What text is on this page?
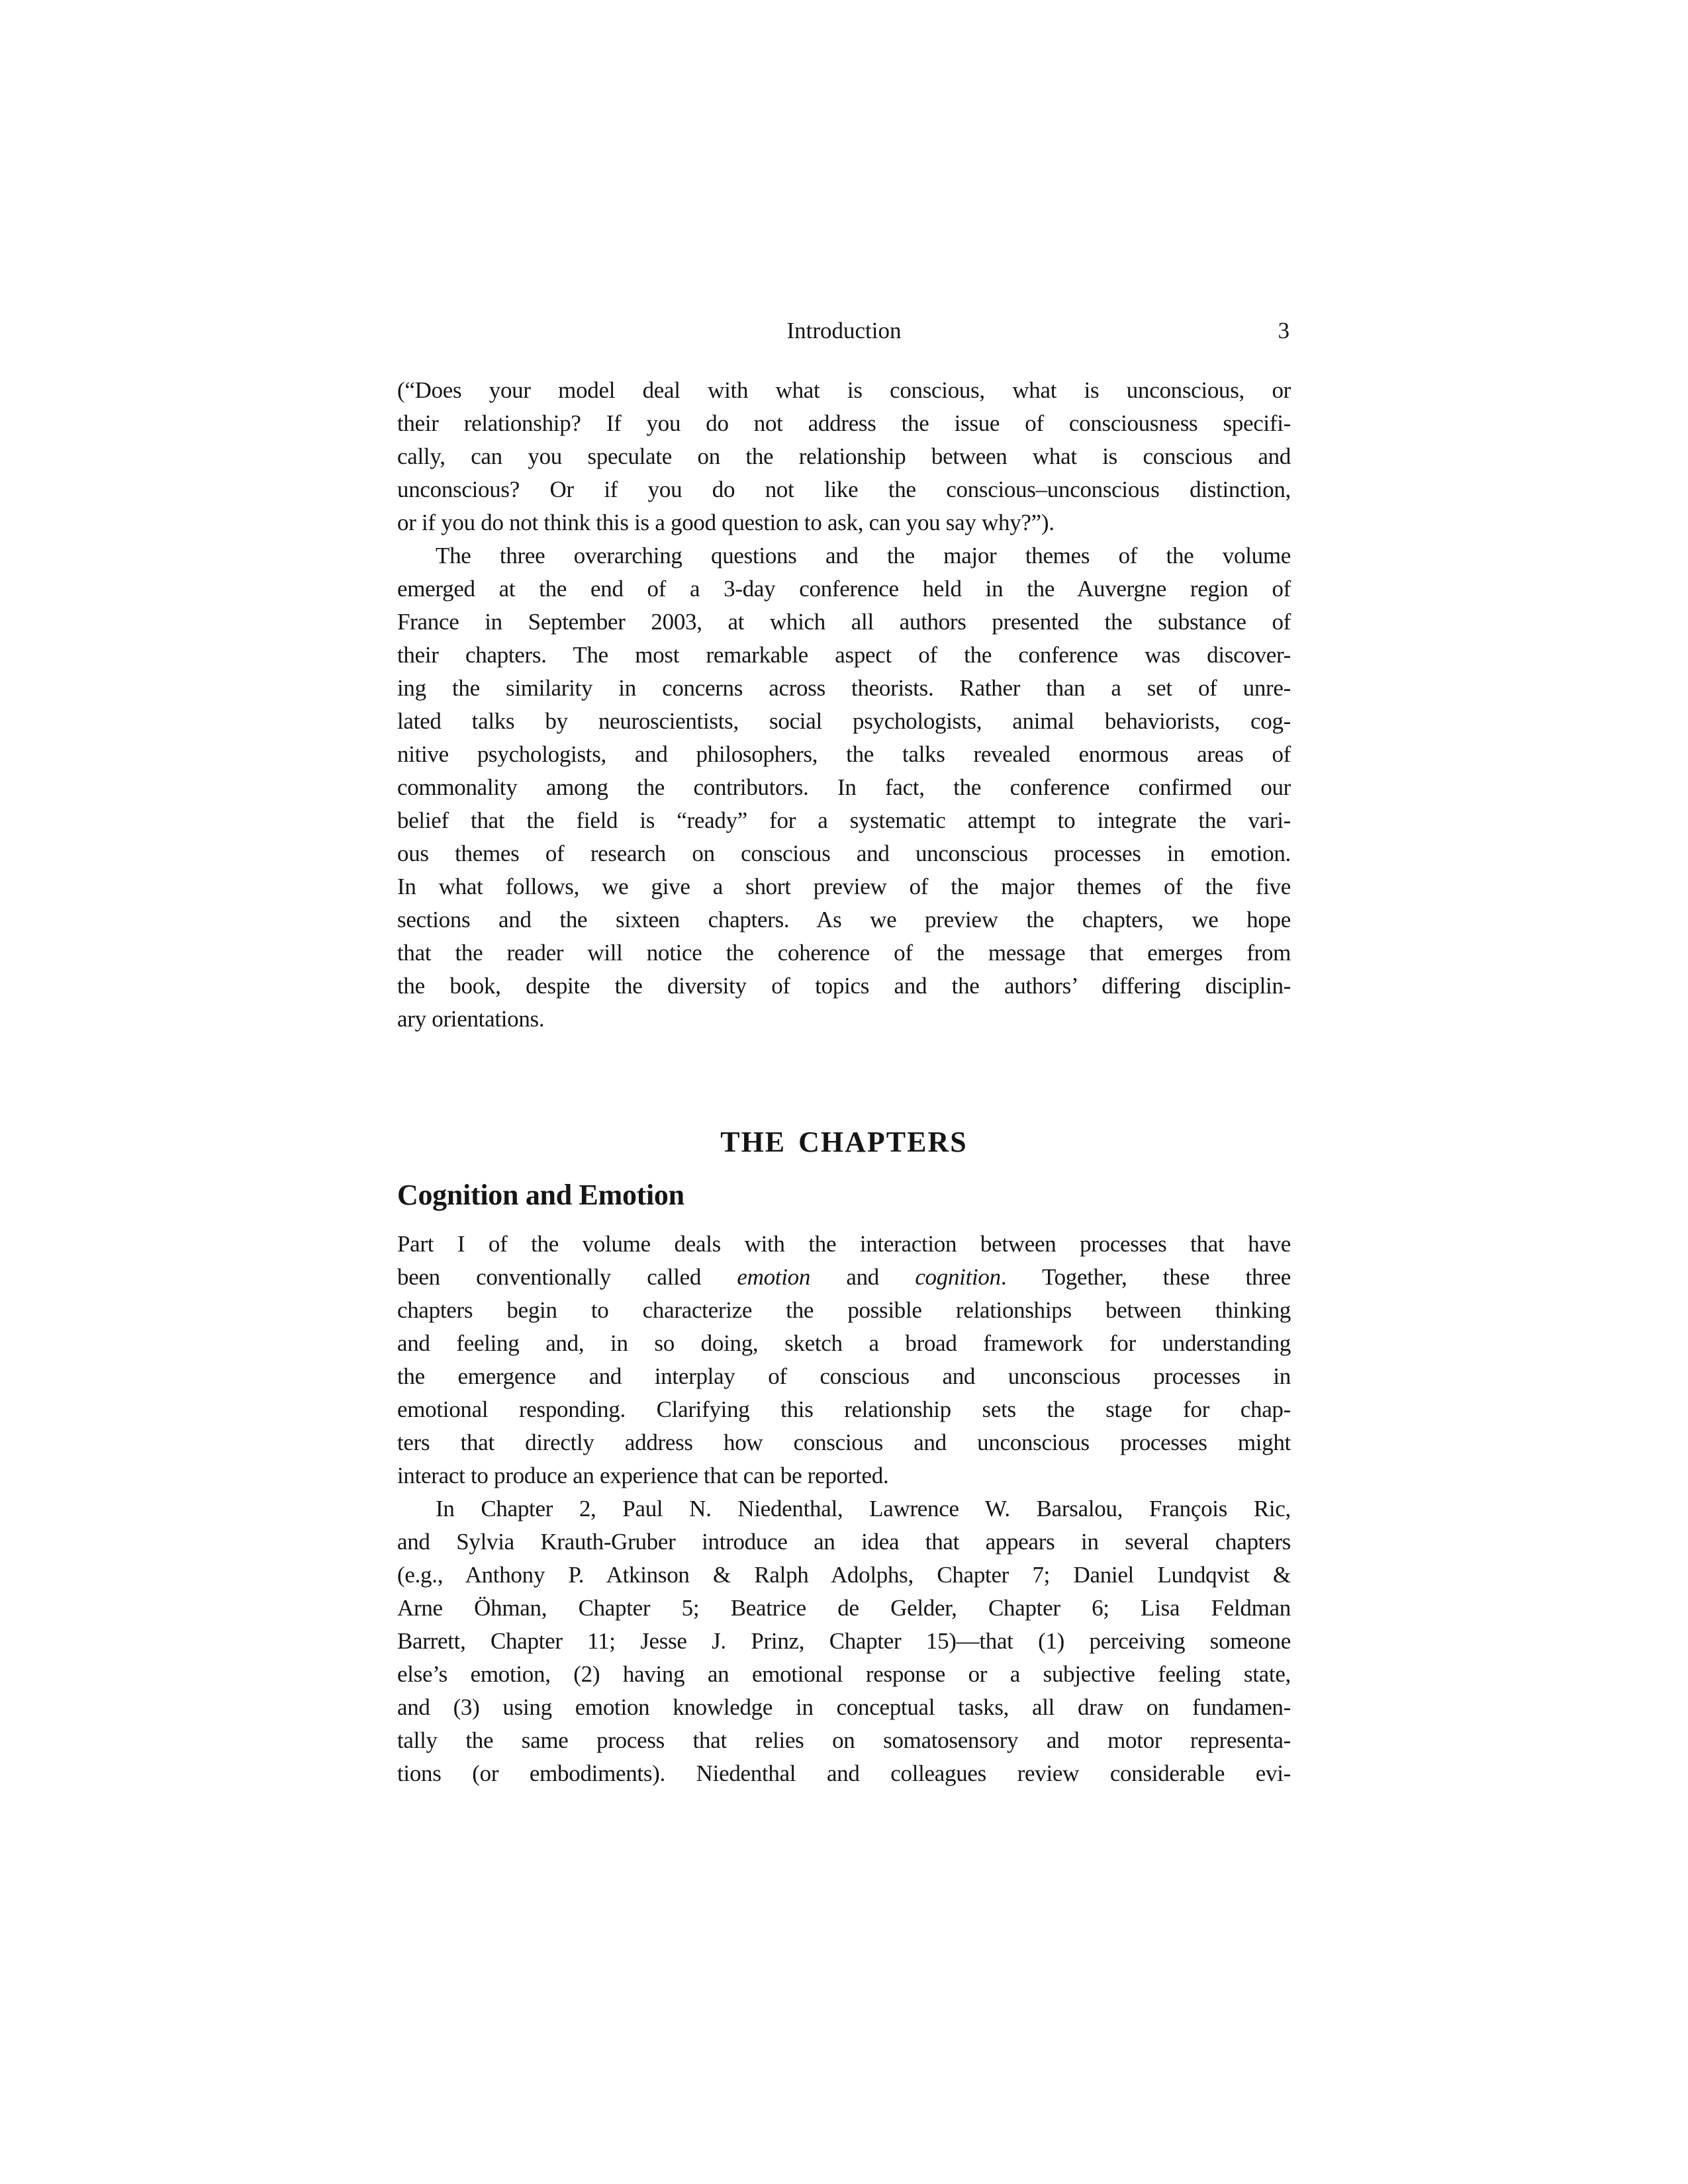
Introduction	3
(“Does your model deal with what is conscious, what is unconscious, or
their relationship? If you do not address the issue of consciousness specifi-
cally, can you speculate on the relationship between what is conscious and
unconscious? Or if you do not like the conscious–unconscious distinction,
or if you do not think this is a good question to ask, can you say why?”).
The three overarching questions and the major themes of the volume
emerged at the end of a 3-day conference held in the Auvergne region of
France in September 2003, at which all authors presented the substance of
their chapters. The most remarkable aspect of the conference was discover-
ing the similarity in concerns across theorists. Rather than a set of unre-
lated talks by neuroscientists, social psychologists, animal behaviorists, cog-
nitive psychologists, and philosophers, the talks revealed enormous areas of
commonality among the contributors. In fact, the conference confirmed our
belief that the field is “ready” for a systematic attempt to integrate the vari-
ous themes of research on conscious and unconscious processes in emotion.
In what follows, we give a short preview of the major themes of the five
sections and the sixteen chapters. As we preview the chapters, we hope
that the reader will notice the coherence of the message that emerges from
the book, despite the diversity of topics and the authors’ differing disciplin-
ary orientations.
THE CHAPTERS
Cognition and Emotion
Part I of the volume deals with the interaction between processes that have
been conventionally called emotion and cognition. Together, these three
chapters begin to characterize the possible relationships between thinking
and feeling and, in so doing, sketch a broad framework for understanding
the emergence and interplay of conscious and unconscious processes in
emotional responding. Clarifying this relationship sets the stage for chap-
ters that directly address how conscious and unconscious processes might
interact to produce an experience that can be reported.
In Chapter 2, Paul N. Niedenthal, Lawrence W. Barsalou, François Ric,
and Sylvia Krauth-Gruber introduce an idea that appears in several chapters
(e.g., Anthony P. Atkinson & Ralph Adolphs, Chapter 7; Daniel Lundqvist &
Arne Öhman, Chapter 5; Beatrice de Gelder, Chapter 6; Lisa Feldman
Barrett, Chapter 11; Jesse J. Prinz, Chapter 15)—that (1) perceiving someone
else’s emotion, (2) having an emotional response or a subjective feeling state,
and (3) using emotion knowledge in conceptual tasks, all draw on fundamen-
tally the same process that relies on somatosensory and motor representa-
tions (or embodiments). Niedenthal and colleagues review considerable evi-
